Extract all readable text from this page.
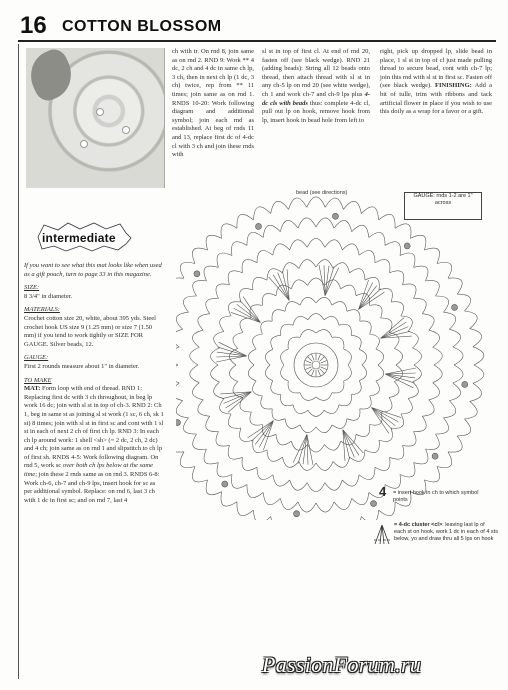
16 COTTON BLOSSOM
intermediate

If you want to see what this mat looks like when used as a gift pouch, turn to page 33 in this magazine.

SIZE:
8 3/4" in diameter.

MATERIALS:
Crochet cotton size 20, white, about 395 yds. Steel crochet hook US size 9 (1.25 mm) or size 7 (1.50 mm) if you tend to work tightly or SIZE FOR GAUGE. Silver beads, 12.

GAUGE:
First 2 rounds measure about 1" in diameter.

TO MAKE
MAT: Form loop with end of thread. RND 1: Replacing first dc with 3 ch throughout, in beg lp work 16 dc; join with sl st in top of ch-3. RND 2: Ch 1, beg in same st as joining sl st work (1 sc, 6 ch, sk 1 st) 8 times; join with sl st in first sc and cont with 1 sl st in each of next 2 ch of first ch lp. RND 3: In each ch lp around work: 1 shell <sh> (= 2 dc, 2 ch, 2 dc) and 4 ch; join same as on rnd 1 and slipstitch to ch lp of first sh. RNDS 4-5: Work following diagram. On rnd 5, work sc over both ch lps below at the same time; join these 2 rnds same as on rnd 3. RNDS 6-8: Work ch-6, ch-7 and ch-9 lps, insert hook for sc as per additional symbol. Replace: on rnd 6, last 3 ch with 1 dc in first sc; and on rnd 7, last 4

ch with tr. On rnd 8, join same as on rnd 2. RND 9: Work ** 4 dc, 2 ch and 4 dc in same ch lp, 3 ch, then in next ch lp (1 dc, 3 ch) twice, rep from ** 11 times; join same as on rnd 1. RNDS 10-20: Work following diagram and additional symbol; join each rnd as established. At beg of rnds 11 and 13, replace first dc of 4-dc cl with 3 ch and join these rnds with
sl st in top of first cl. At end of rnd 20, fasten off (see black wedge). RND 21 (adding beads): String all 12 beads onto thread, then attach thread with sl st in any ch-5 lp on rnd 20 (see white wedge), ch 1 and work ch-7 and ch-9 lps plus 4-dc cls with beads thus: complete 4-dc cl, pull out lp on hook, remove hook from lp, insert hook in bead hole from left to
right, pick up dropped lp, slide bead in place, 1 sl st in top of cl just made pulling thread to secure bead, cont with ch-7 lp; join this rnd with sl st in first sc. Fasten off (see black wedge). FINISHING: Add a bit of tulle, trim with ribbons and tack artificial flower in place if you wish to use this doily as a wrap for a favor or a gift.
bead (see directions)	GAUGE: rnds 1-2 are 1" across
4 = insert hook in ch to which symbol points
= 4-dc cluster <cl>: leaving last lp of each st on hook, work 1 dc in each of 4 sts below, yo and draw thru all 5 lps on hook
PassionForum.ru
